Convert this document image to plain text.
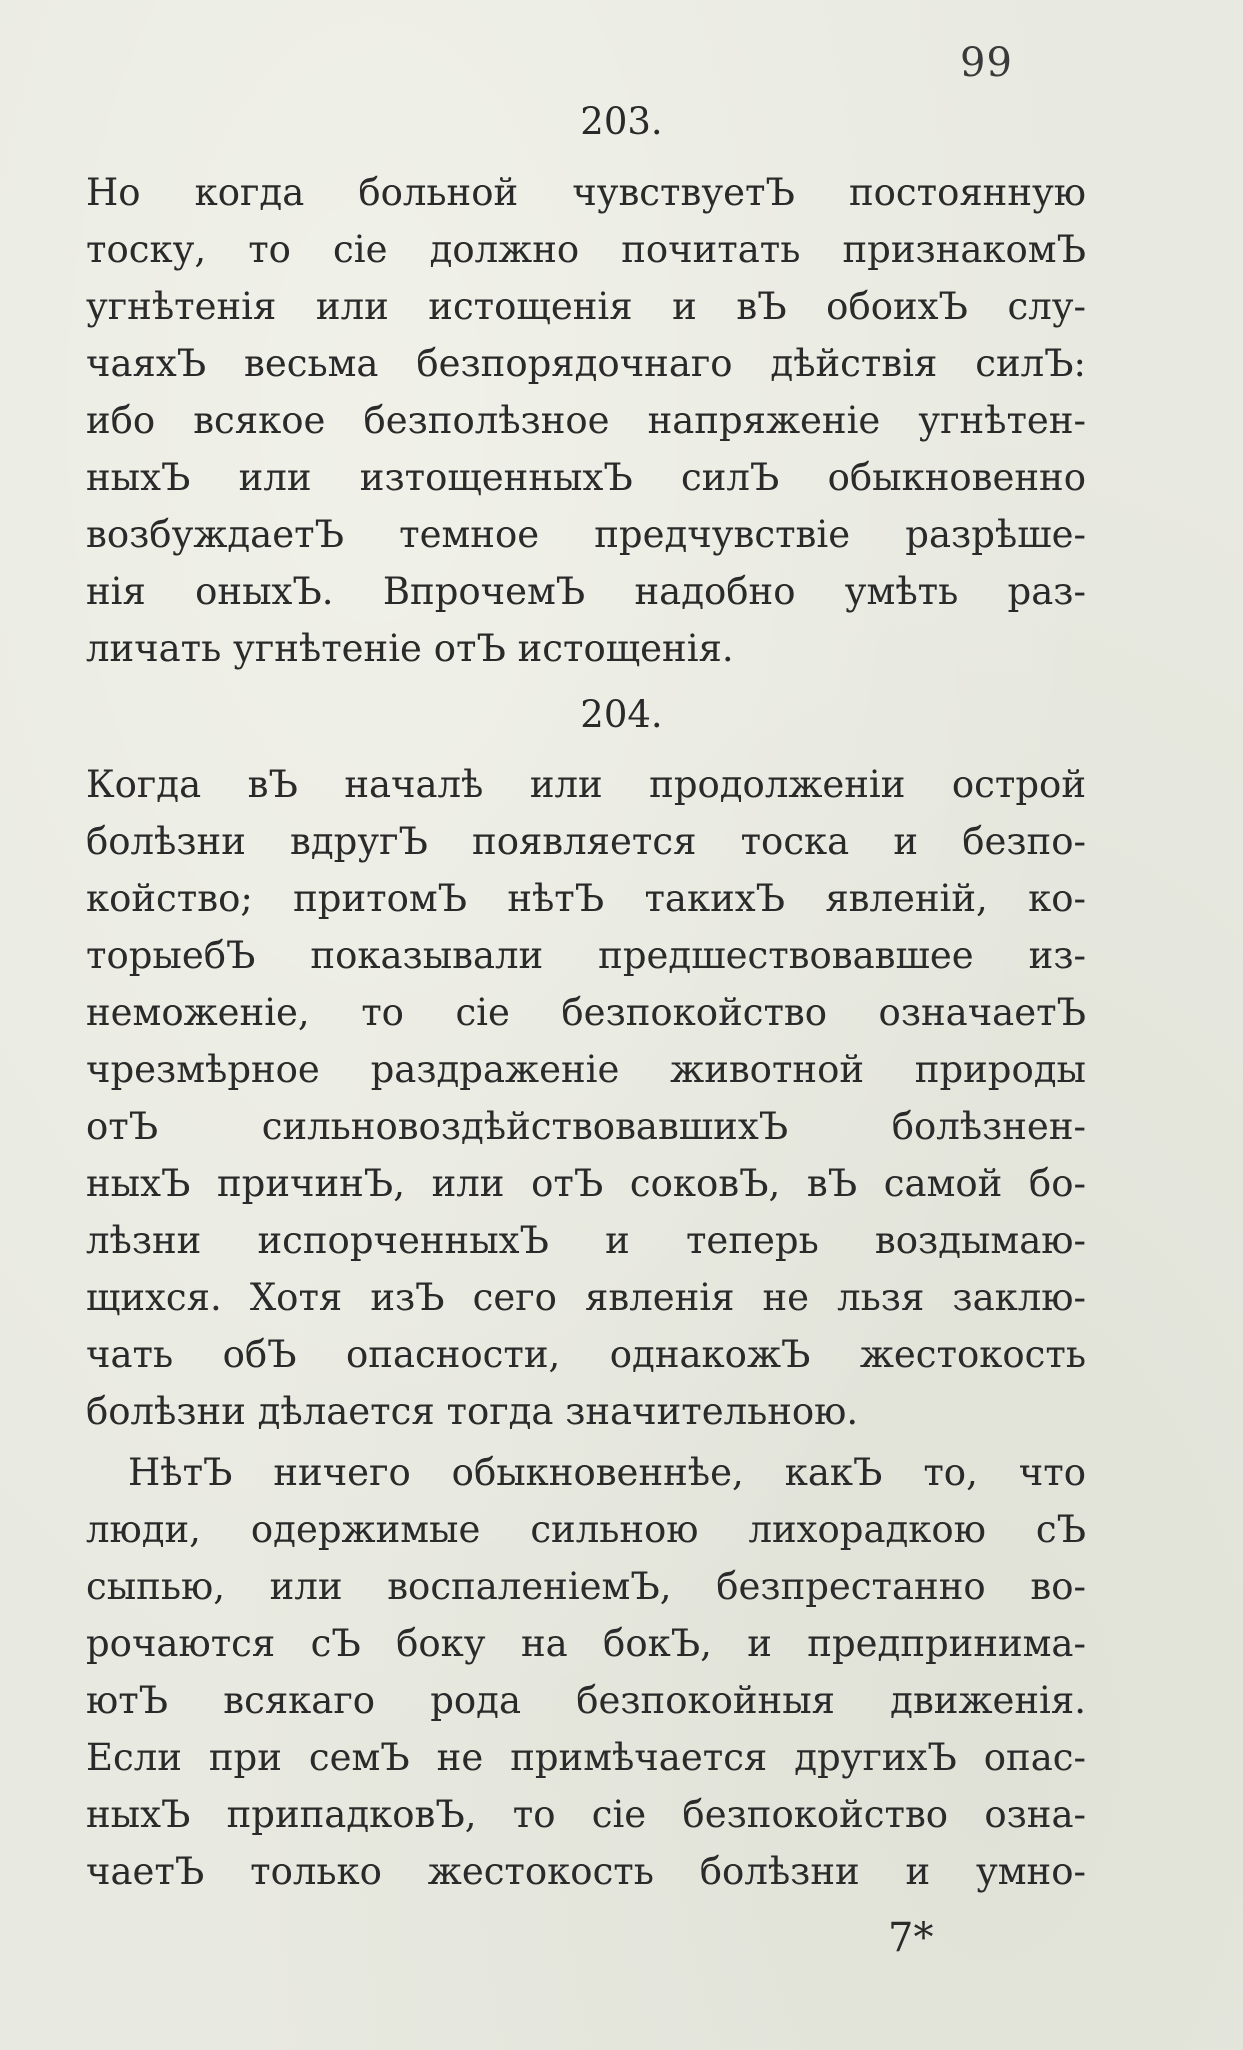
99
203.
Но когда больной чувствуетЪ постоянную
тоску, то сіе должно почитать признакомЪ
угнѣтенія или истощенія и вЪ обоихЪ слу-
чаяхЪ весьма безпорядочнаго дѣйствія силЪ:
ибо всякое безполѣзное напряженіе угнѣтен-
ныхЪ или изтощенныхЪ силЪ обыкновенно
возбуждаетЪ темное предчувствіе разрѣше-
нія оныхЪ. ВпрочемЪ надобно умѣть раз-
личать угнѣтеніе отЪ истощенія.
204.
Когда вЪ началѣ или продолженіи острой
болѣзни вдругЪ появляется тоска и безпо-
койство; притомЪ нѣтЪ такихЪ явленій, ко-
торыебЪ показывали предшествовавшее из-
неможеніе, то сіе безпокойство означаетЪ
чрезмѣрное раздраженіе животной природы
отЪ сильновоздѣйствовавшихЪ болѣзнен-
ныхЪ причинЪ, или отЪ соковЪ, вЪ самой бо-
лѣзни испорченныхЪ и теперь воздымаю-
щихся. Хотя изЪ сего явленія не льзя заклю-
чать обЪ опасности, однакожЪ жестокость
болѣзни дѣлается тогда значительною.
НѣтЪ ничего обыкновеннѣе, какЪ то, что
люди, одержимые сильною лихорадкою сЪ
сыпью, или воспаленіемЪ, безпрестанно во-
рочаются сЪ боку на бокЪ, и предпринима-
ютЪ всякаго рода безпокойныя движенія.
Если при семЪ не примѣчается другихЪ опас-
ныхЪ припадковЪ, то сіе безпокойство озна-
чаетЪ только жестокость болѣзни и умно-
7*
